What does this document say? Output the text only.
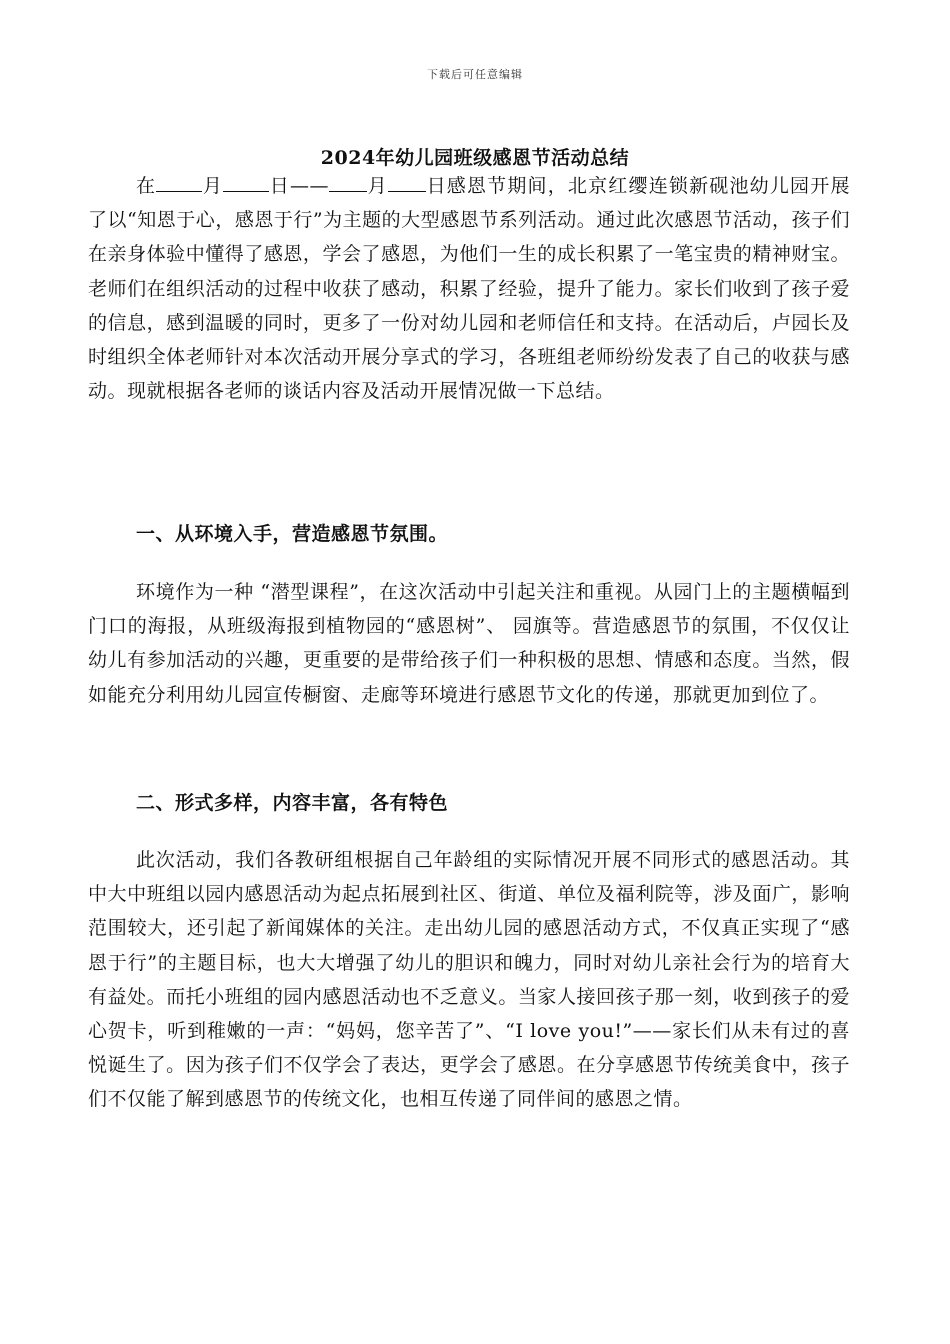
下载后可任意编辑
2024年幼儿园班级感恩节活动总结

在 月 日—— 月 日感恩节期间，北京红缨连锁新砚池幼儿园开展了以“知恩于心，感恩于行”为主题的大型感恩节系列活动。通过此次感恩节活动，孩子们在亲身体验中懂得了感恩，学会了感恩，为他们一生的成长积累了一笔宝贵的精神财宝。老师们在组织活动的过程中收获了感动，积累了经验，提升了能力。家长们收到了孩子爱的信息，感到温暖的同时，更多了一份对幼儿园和老师信任和支持。在活动后，卢园长及时组织全体老师针对本次活动开展分享式的学习，各班组老师纷纷发表了自己的收获与感动。现就根据各老师的谈话内容及活动开展情况做一下总结。

一、从环境入手，营造感恩节氛围。

环境作为一种 “潜型课程”，在这次活动中引起关注和重视。从园门上的主题横幅到门口的海报，从班级海报到植物园的“感恩树”、 园旗等。营造感恩节的氛围，不仅仅让幼儿有参加活动的兴趣，更重要的是带给孩子们一种积极的思想、情感和态度。当然，假如能充分利用幼儿园宣传橱窗、走廊等环境进行感恩节文化的传递，那就更加到位了。

二、形式多样，内容丰富，各有特色

此次活动，我们各教研组根据自己年龄组的实际情况开展不同形式的感恩活动。其中大中班组以园内感恩活动为起点拓展到社区、街道、单位及福利院等，涉及面广，影响范围较大，还引起了新闻媒体的关注。走出幼儿园的感恩活动方式，不仅真正实现了“感恩于行”的主题目标，也大大增强了幼儿的胆识和魄力，同时对幼儿亲社会行为的培育大有益处。而托小班组的园内感恩活动也不乏意义。当家人接回孩子那一刻，收到孩子的爱心贺卡，听到稚嫩的一声：“妈妈，您辛苦了”、“I love you!”——家长们从未有过的喜悦诞生了。因为孩子们不仅学会了表达，更学会了感恩。在分享感恩节传统美食中，孩子们不仅能了解到感恩节的传统文化，也相互传递了同伴间的感恩之情。
